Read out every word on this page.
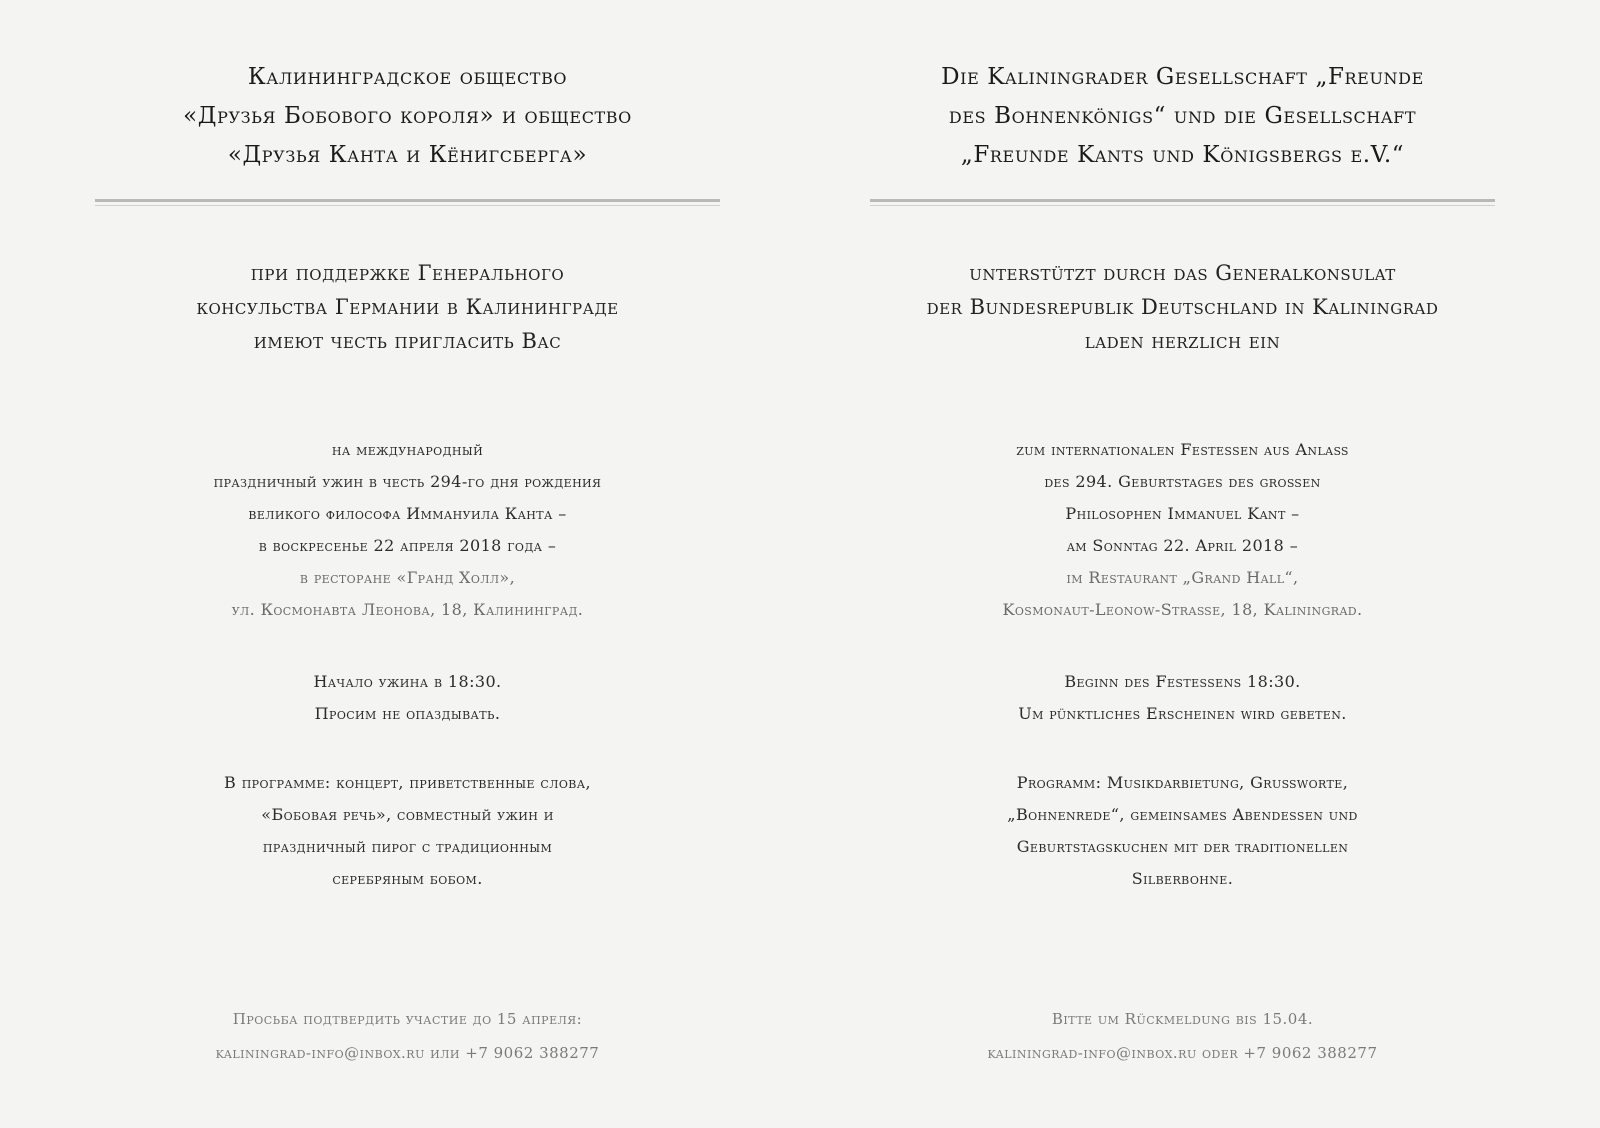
Калининградское общество
«Друзья Бобового короля» и общество
«Друзья Канта и Кёнигсберга»
при поддержке Генерального
консульства Германии в Калининграде
имеют честь пригласить Вас
на международный
праздничный ужин в честь 294-го дня рождения
великого философа Иммануила Канта –
в воскресенье 22 апреля 2018 года –
в ресторане «Гранд Холл»,
ул. Космонавта Леонова, 18, Калининград.
Начало ужина в 18:30.
Просим не опаздывать.
В программе: концерт, приветственные слова,
«Бобовая речь», совместный ужин и
праздничный пирог с традиционным
серебряным бобом.
Просьба подтвердить участие до 15 апреля:
kaliningrad-info@inbox.ru или +7 9062 388277
Die Kaliningrader Gesellschaft „Freunde
des Bohnenkönigs“ und die Gesellschaft
„Freunde Kants und Königsbergs e.V.“
unterstützt durch das Generalkonsulat
der Bundesrepublik Deutschland in Kaliningrad
laden herzlich ein
zum internationalen Festessen aus Anlaß
des 294. Geburtstages des großen
Philosophen Immanuel Kant –
am Sonntag 22. April 2018 –
im Restaurant „Grand Hall“,
Kosmonaut-Leonow-Straße, 18, Kaliningrad.
Beginn des Festessens 18:30.
Um pünktliches Erscheinen wird gebeten.
Programm: Musikdarbietung, Grußworte,
„Bohnenrede“, gemeinsames Abendessen und
Geburtstagskuchen mit der traditionellen
Silberbohne.
Bitte um Rückmeldung bis 15.04.
kaliningrad-info@inbox.ru oder +7 9062 388277
